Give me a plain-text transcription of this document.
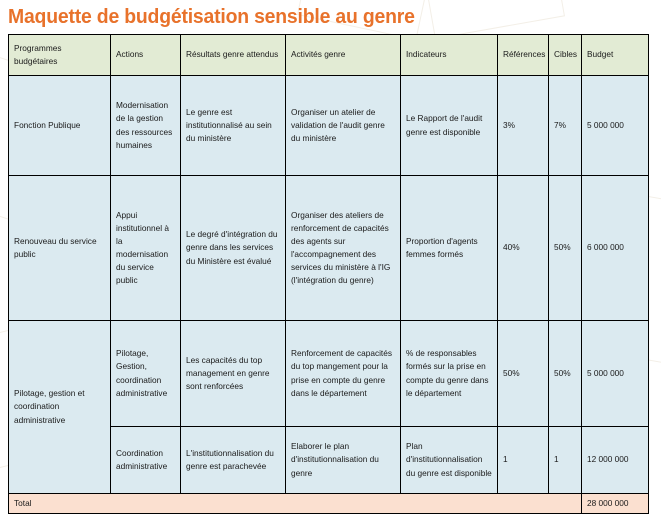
Maquette de budgétisation sensible au genre
Programmes budgétaires	Actions	Résultats genre attendus	Activités genre	Indicateurs	Références	Cibles	Budget
Fonction Publique	Modernisation de la gestion des ressources humaines	Le genre est institutionnalisé au sein du ministère	Organiser un atelier de validation de l'audit genre du ministère	Le Rapport de l'audit genre est disponible	3%	7%	5 000 000
Renouveau du service public	Appui institutionnel à la modernisation du service public	Le degré d'intégration du genre dans les services du Ministère est évalué	Organiser des ateliers de renforcement de capacités des agents sur l'accompagnement des services du ministère à l'IG (l'intégration du genre)	Proportion d'agents femmes formés	40%	50%	6 000 000
Pilotage, gestion et coordination administrative	Pilotage, Gestion, coordination administrative	Les capacités du top management en genre sont renforcées	Renforcement de capacités du top mangement pour la prise en compte du genre dans le département	% de responsables formés sur la prise en compte du genre dans le département	50%	50%	5 000 000
	Coordination administrative	L'institutionnalisation du genre est parachevée	Elaborer le plan d'institutionnalisation du genre	Plan d'institutionnalisation du genre est disponible	1	1	12 000 000
Total							28 000 000
